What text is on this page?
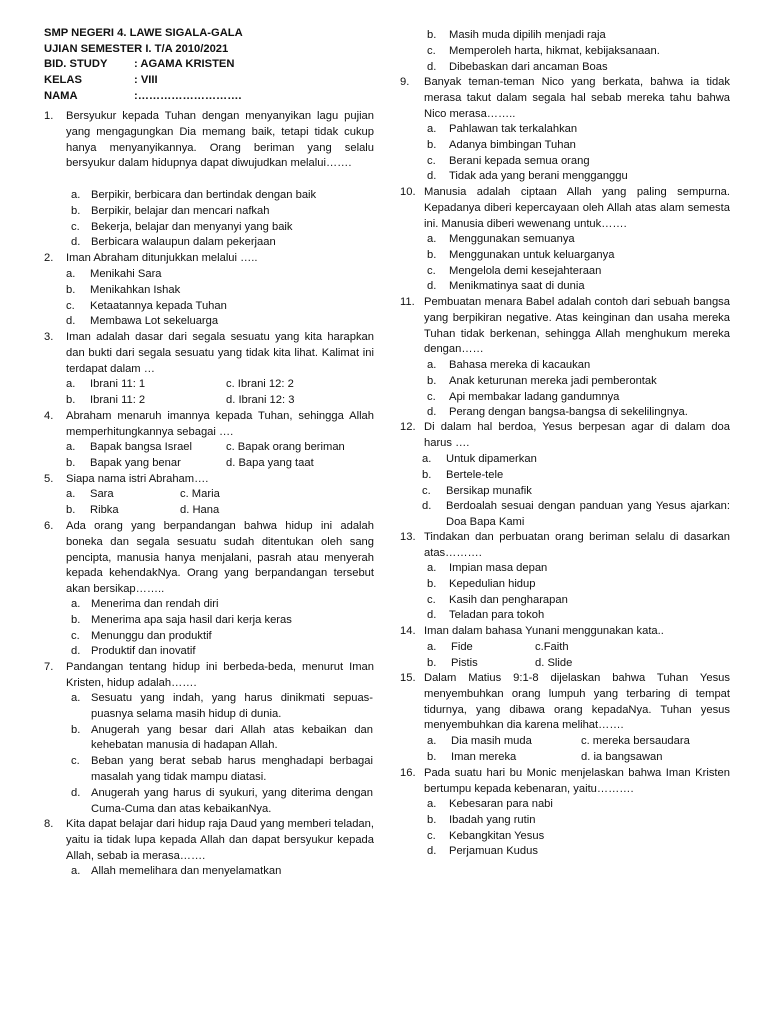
SMP NEGERI 4. LAWE SIGALA-GALA
UJIAN SEMESTER I. T/A 2010/2021
BID. STUDY	: AGAMA KRISTEN
KELAS	: VIII
NAMA	:……………………….
1.	Bersyukur kepada Tuhan dengan menyanyikan lagu pujian yang mengagungkan Dia memang baik, tetapi tidak cukup hanya menyanyikannya. Orang beriman yang selalu bersyukur dalam hidupnya dapat diwujudkan melalui…….
a. Berpikir, berbicara dan bertindak dengan baik
b. Berpikir, belajar dan mencari nafkah
c.	Bekerja, belajar dan menyanyi yang baik
d. Berbicara walaupun dalam pekerjaan
2.	Iman Abraham ditunjukkan melalui …..
a.	Menikahi Sara
b.	Menikahkan Ishak
c.	Ketaatannya kepada Tuhan
d.	Membawa Lot sekeluarga
3.	Iman adalah dasar dari segala sesuatu yang kita harapkan dan bukti dari segala sesuatu yang tidak kita lihat. Kalimat ini terdapat dalam …
a.	Ibrani 11: 1	c. Ibrani 12: 2
b.	Ibrani 11: 2	d. Ibrani 12: 3
4.	Abraham menaruh imannya kepada Tuhan, sehingga Allah memperhitungkannya sebagai ….
a.	Bapak bangsa Israel	c. Bapak orang beriman
b.	Bapak yang benar	d. Bapa yang taat
5.	Siapa nama istri Abraham….
a.	Sara	c. Maria
b.	Ribka	d. Hana
6.	Ada orang yang berpandangan bahwa hidup ini adalah boneka dan segala sesuatu sudah ditentukan oleh sang pencipta, manusia hanya menjalani, pasrah atau menyerah kepada kehendakNya. Orang yang berpandangan tersebut akan bersikap……..
a. Menerima dan rendah diri
b. Menerima apa saja hasil dari kerja keras
c.	Menunggu dan produktif
d. Produktif dan inovatif
7.	Pandangan tentang hidup ini berbeda-beda, menurut Iman Kristen, hidup adalah…….
a. Sesuatu yang indah, yang harus dinikmati sepuas-puasnya selama masih hidup di dunia.
b. Anugerah yang besar dari Allah atas kebaikan dan kehebatan manusia di hadapan Allah.
c.	Beban yang berat sebab harus menghadapi berbagai masalah yang tidak mampu diatasi.
d. Anugerah yang harus di syukuri, yang diterima dengan Cuma-Cuma dan atas kebaikanNya.
8.	Kita dapat belajar dari hidup raja Daud yang memberi teladan, yaitu ia tidak lupa kepada Allah dan dapat bersyukur kepada Allah, sebab ia merasa…….
a. Allah memelihara dan menyelamatkan
b.	Masih muda dipilih menjadi raja
c.	Memperoleh harta, hikmat, kebijaksanaan.
d.	Dibebaskan dari ancaman Boas
9.	Banyak teman-teman Nico yang berkata, bahwa ia tidak merasa takut dalam segala hal sebab mereka tahu bahwa Nico merasa……..
a.	Pahlawan tak terkalahkan
b.	Adanya bimbingan Tuhan
c.	Berani kepada semua orang
d.	Tidak ada yang berani mengganggu
10. Manusia adalah ciptaan Allah yang paling sempurna. Kepadanya diberi kepercayaan oleh Allah atas alam semesta ini. Manusia diberi wewenang untuk…….
a.	Menggunakan semuanya
b.	Menggunakan untuk keluarganya
c.	Mengelola demi kesejahteraan
d.	Menikmatinya saat di dunia
11. Pembuatan menara Babel adalah contoh dari sebuah bangsa yang berpikiran negative. Atas keinginan dan usaha mereka Tuhan tidak berkenan, sehingga Allah menghukum mereka dengan……
a.	Bahasa mereka di kacaukan
b.	Anak keturunan mereka jadi pemberontak
c.	Api membakar ladang gandumnya
d.	Perang dengan bangsa-bangsa di sekelilingnya.
12. Di dalam hal berdoa, Yesus berpesan agar di dalam doa harus ….
a.	Untuk dipamerkan
b.	Bertele-tele
c.	Bersikap munafik
d.	Berdoalah sesuai dengan panduan yang Yesus ajarkan: Doa Bapa Kami
13. Tindakan dan perbuatan orang beriman selalu di dasarkan atas……….
a.	Impian masa depan
b.	Kepedulian hidup
c.	Kasih dan pengharapan
d.	Teladan para tokoh
14. Iman dalam bahasa Yunani menggunakan kata..
a.	Fide	c.Faith
b.	Pistis	d. Slide
15. Dalam Matius 9:1-8 dijelaskan bahwa Tuhan Yesus menyembuhkan orang lumpuh yang terbaring di tempat tidurnya, yang dibawa orang kepadaNya. Tuhan yesus menyembuhkan dia karena melihat…….
a.	Dia masih muda	c. mereka bersaudara
b.	Iman mereka	d. ia bangsawan
16. Pada suatu hari bu Monic menjelaskan bahwa Iman Kristen bertumpu kepada kebenaran, yaitu……….
a.	Kebesaran para nabi
b.	Ibadah yang rutin
c.	Kebangkitan Yesus
d.	Perjamuan Kudus
